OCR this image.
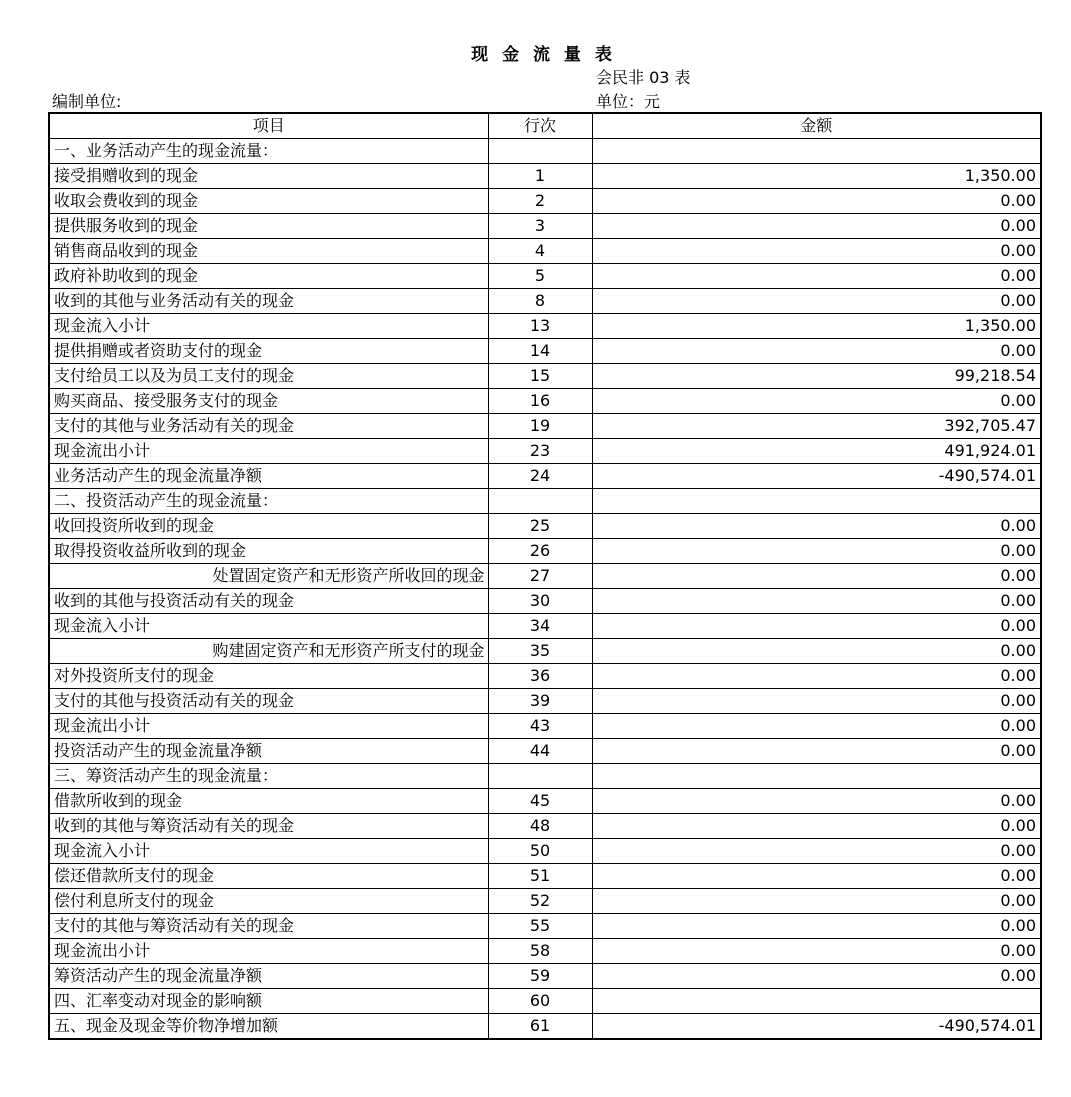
现 金 流 量 表
会民非 03 表
编制单位:	单位：元
项目	行次	金额
一、业务活动产生的现金流量：		
接受捐赠收到的现金	1	1,350.00
收取会费收到的现金	2	0.00
提供服务收到的现金	3	0.00
销售商品收到的现金	4	0.00
政府补助收到的现金	5	0.00
收到的其他与业务活动有关的现金	8	0.00
现金流入小计	13	1,350.00
提供捐赠或者资助支付的现金	14	0.00
支付给员工以及为员工支付的现金	15	99,218.54
购买商品、接受服务支付的现金	16	0.00
支付的其他与业务活动有关的现金	19	392,705.47
现金流出小计	23	491,924.01
业务活动产生的现金流量净额	24	-490,574.01
二、投资活动产生的现金流量：		
收回投资所收到的现金	25	0.00
取得投资收益所收到的现金	26	0.00
处置固定资产和无形资产所收回的现金	27	0.00
收到的其他与投资活动有关的现金	30	0.00
现金流入小计	34	0.00
购建固定资产和无形资产所支付的现金	35	0.00
对外投资所支付的现金	36	0.00
支付的其他与投资活动有关的现金	39	0.00
现金流出小计	43	0.00
投资活动产生的现金流量净额	44	0.00
三、筹资活动产生的现金流量：		
借款所收到的现金	45	0.00
收到的其他与筹资活动有关的现金	48	0.00
现金流入小计	50	0.00
偿还借款所支付的现金	51	0.00
偿付利息所支付的现金	52	0.00
支付的其他与筹资活动有关的现金	55	0.00
现金流出小计	58	0.00
筹资活动产生的现金流量净额	59	0.00
四、汇率变动对现金的影响额	60	
五、现金及现金等价物净增加额	61	-490,574.01
